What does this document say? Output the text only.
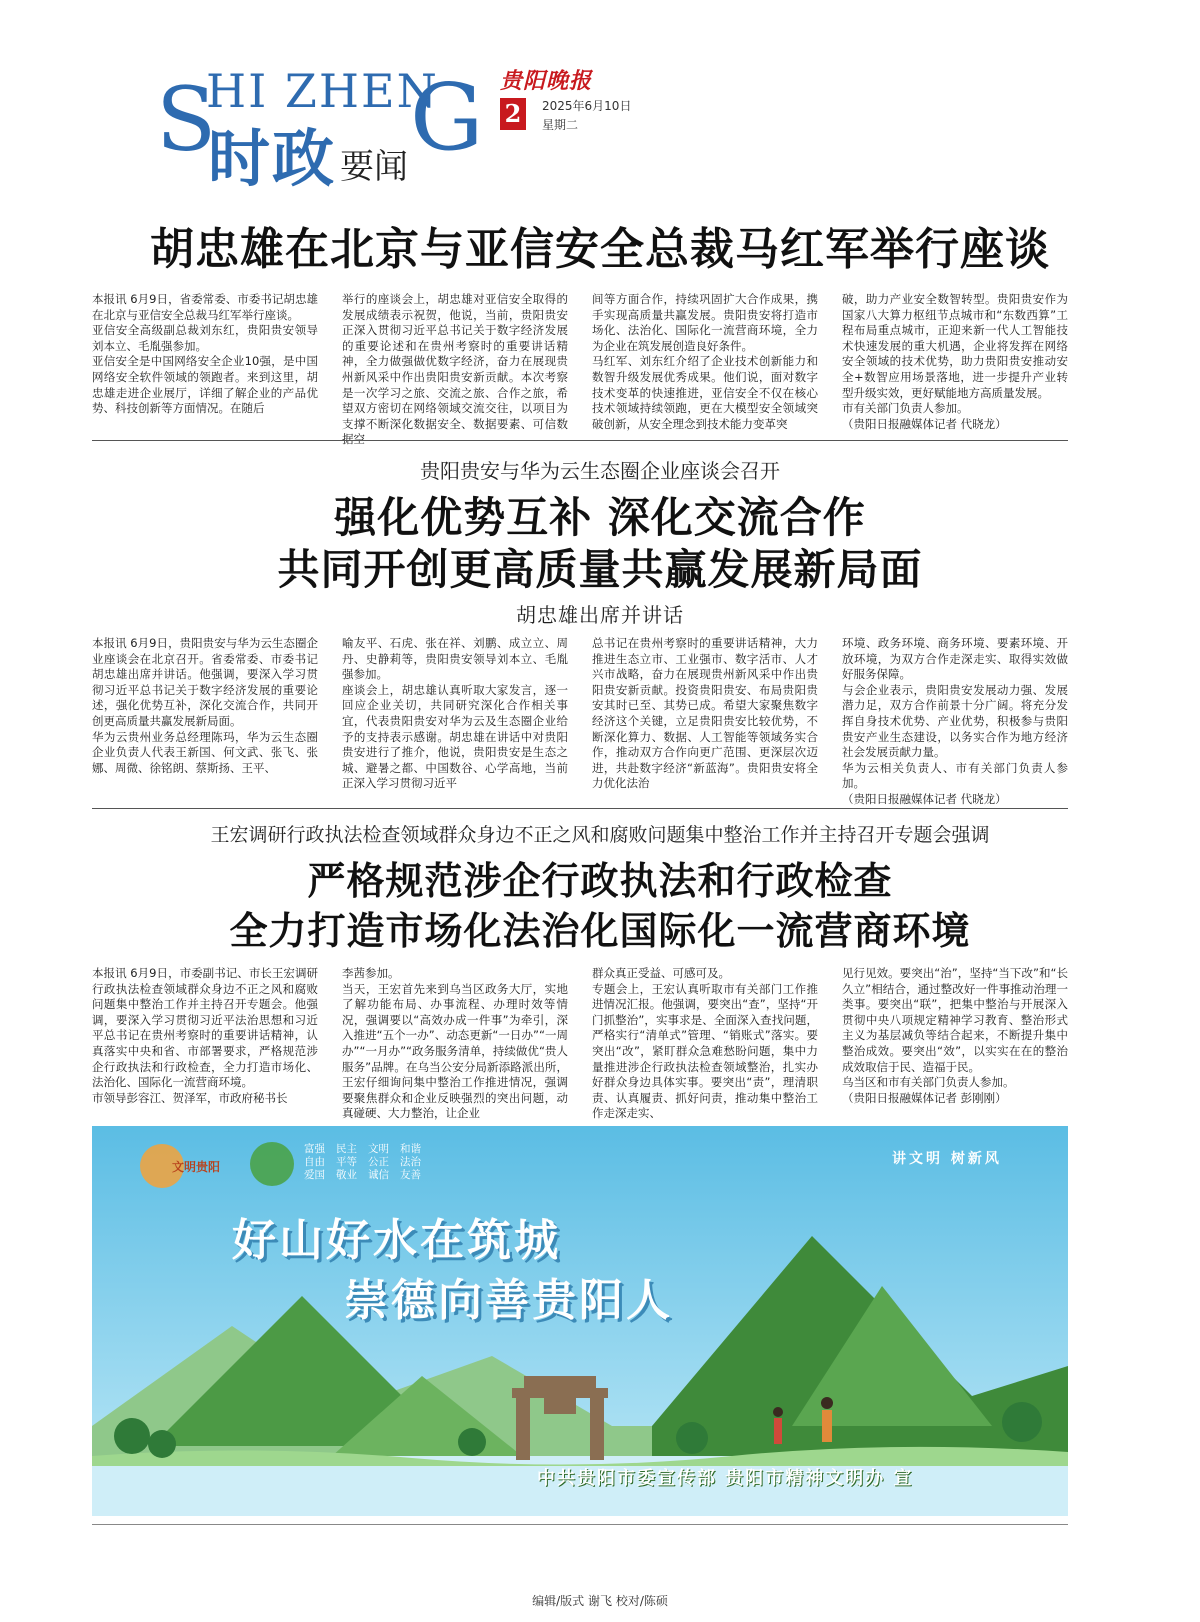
S
HI ZHEN
G
时政 要闻
贵阳晚报
2	2025年6月10日
星期二
胡忠雄在北京与亚信安全总裁马红军举行座谈

本报讯 6月9日，省委常委、市委书记胡忠雄在北京与亚信安全总裁马红军举行座谈。
亚信安全高级副总裁刘东红，贵阳贵安领导刘本立、毛胤强参加。
亚信安全是中国网络安全企业10强，是中国网络安全软件领域的领跑者。来到这里，胡忠雄走进企业展厅，详细了解企业的产品优势、科技创新等方面情况。在随后

举行的座谈会上，胡忠雄对亚信安全取得的发展成绩表示祝贺，他说，当前，贵阳贵安正深入贯彻习近平总书记关于数字经济发展的重要论述和在贵州考察时的重要讲话精神，全力做强做优数字经济，奋力在展现贵州新风采中作出贵阳贵安新贡献。本次考察是一次学习之旅、交流之旅、合作之旅，希望双方密切在网络领域交流交往，以项目为支撑不断深化数据安全、数据要素、可信数据空

间等方面合作，持续巩固扩大合作成果，携手实现高质量共赢发展。贵阳贵安将打造市场化、法治化、国际化一流营商环境，全力为企业在筑发展创造良好条件。
马红军、刘东红介绍了企业技术创新能力和数智升级发展优秀成果。他们说，面对数字技术变革的快速推进，亚信安全不仅在核心技术领域持续领跑，更在大模型安全领域突破创新，从安全理念到技术能力变革突

破，助力产业安全数智转型。贵阳贵安作为国家八大算力枢纽节点城市和“东数西算”工程布局重点城市，正迎来新一代人工智能技术快速发展的重大机遇，企业将发挥在网络安全领域的技术优势，助力贵阳贵安推动安全+数智应用场景落地，进一步提升产业转型升级实效，更好赋能地方高质量发展。
市有关部门负责人参加。
（贵阳日报融媒体记者 代晓龙）

贵阳贵安与华为云生态圈企业座谈会召开
强化优势互补 深化交流合作
共同开创更高质量共赢发展新局面
胡忠雄出席并讲话

本报讯 6月9日，贵阳贵安与华为云生态圈企业座谈会在北京召开。省委常委、市委书记胡忠雄出席并讲话。他强调，要深入学习贯彻习近平总书记关于数字经济发展的重要论述，强化优势互补，深化交流合作，共同开创更高质量共赢发展新局面。
华为云贵州业务总经理陈玛，华为云生态圈企业负责人代表王新国、何文武、张飞、张娜、周微、徐铭朗、蔡斯扬、王平、

喻友平、石虎、张在祥、刘鹏、成立立、周丹、史静莉等，贵阳贵安领导刘本立、毛胤强参加。
座谈会上，胡忠雄认真听取大家发言，逐一回应企业关切，共同研究深化合作相关事宜，代表贵阳贵安对华为云及生态圈企业给予的支持表示感谢。胡忠雄在讲话中对贵阳贵安进行了推介，他说，贵阳贵安是生态之城、避暑之都、中国数谷、心学高地，当前正深入学习贯彻习近平

总书记在贵州考察时的重要讲话精神，大力推进生态立市、工业强市、数字活市、人才兴市战略，奋力在展现贵州新风采中作出贵阳贵安新贡献。投资贵阳贵安、布局贵阳贵安其时已至、其势已成。希望大家聚焦数字经济这个关键，立足贵阳贵安比较优势，不断深化算力、数据、人工智能等领域务实合作，推动双方合作向更广范围、更深层次迈进，共赴数字经济“新蓝海”。贵阳贵安将全力优化法治

环境、政务环境、商务环境、要素环境、开放环境，为双方合作走深走实、取得实效做好服务保障。
与会企业表示，贵阳贵安发展动力强、发展潜力足，双方合作前景十分广阔。将充分发挥自身技术优势、产业优势，积极参与贵阳贵安产业生态建设，以务实合作为地方经济社会发展贡献力量。
华为云相关负责人、市有关部门负责人参加。
（贵阳日报融媒体记者 代晓龙）

王宏调研行政执法检查领域群众身边不正之风和腐败问题集中整治工作并主持召开专题会强调
严格规范涉企行政执法和行政检查
全力打造市场化法治化国际化一流营商环境

本报讯 6月9日，市委副书记、市长王宏调研行政执法检查领域群众身边不正之风和腐败问题集中整治工作并主持召开专题会。他强调，要深入学习贯彻习近平法治思想和习近平总书记在贵州考察时的重要讲话精神，认真落实中央和省、市部署要求，严格规范涉企行政执法和行政检查，全力打造市场化、法治化、国际化一流营商环境。
市领导彭容江、贺泽军，市政府秘书长

李茜参加。
当天，王宏首先来到乌当区政务大厅，实地了解功能布局、办事流程、办理时效等情况，强调要以“高效办成一件事”为牵引，深入推进“五个一办”、动态更新“一日办”“一周办”“一月办”“政务服务清单，持续做优“贵人服务”品牌。在乌当公安分局新添路派出所，王宏仔细询问集中整治工作推进情况，强调要聚焦群众和企业反映强烈的突出问题，动真碰硬、大力整治，让企业

群众真正受益、可感可及。
专题会上，王宏认真听取市有关部门工作推进情况汇报。他强调，要突出“查”，坚持“开门抓整治”，实事求是、全面深入查找问题，严格实行“清单式”管理、“销账式”落实。要突出“改”，紧盯群众急难愁盼问题，集中力量推进涉企行政执法检查领域整治，扎实办好群众身边具体实事。要突出“责”，理清职责、认真履责、抓好问责，推动集中整治工作走深走实、

见行见效。要突出“治”，坚持“当下改”和“长久立”相结合，通过整改好一件事推动治理一类事。要突出“联”，把集中整治与开展深入贯彻中央八项规定精神学习教育、整治形式主义为基层减负等结合起来，不断提升集中整治成效。要突出“效”，以实实在在的整治成效取信于民、造福于民。
乌当区和市有关部门负责人参加。
（贵阳日报融媒体记者 彭刚刚）

文明贵阳
富强
自由
爱国
民主
平等
敬业
文明
公正
诚信
和谐
法治
友善
讲文明 树新风
好山好水在筑城
崇德向善贵阳人
中共贵阳市委宣传部 贵阳市精神文明办 宣
编辑/版式 谢飞 校对/陈硕
